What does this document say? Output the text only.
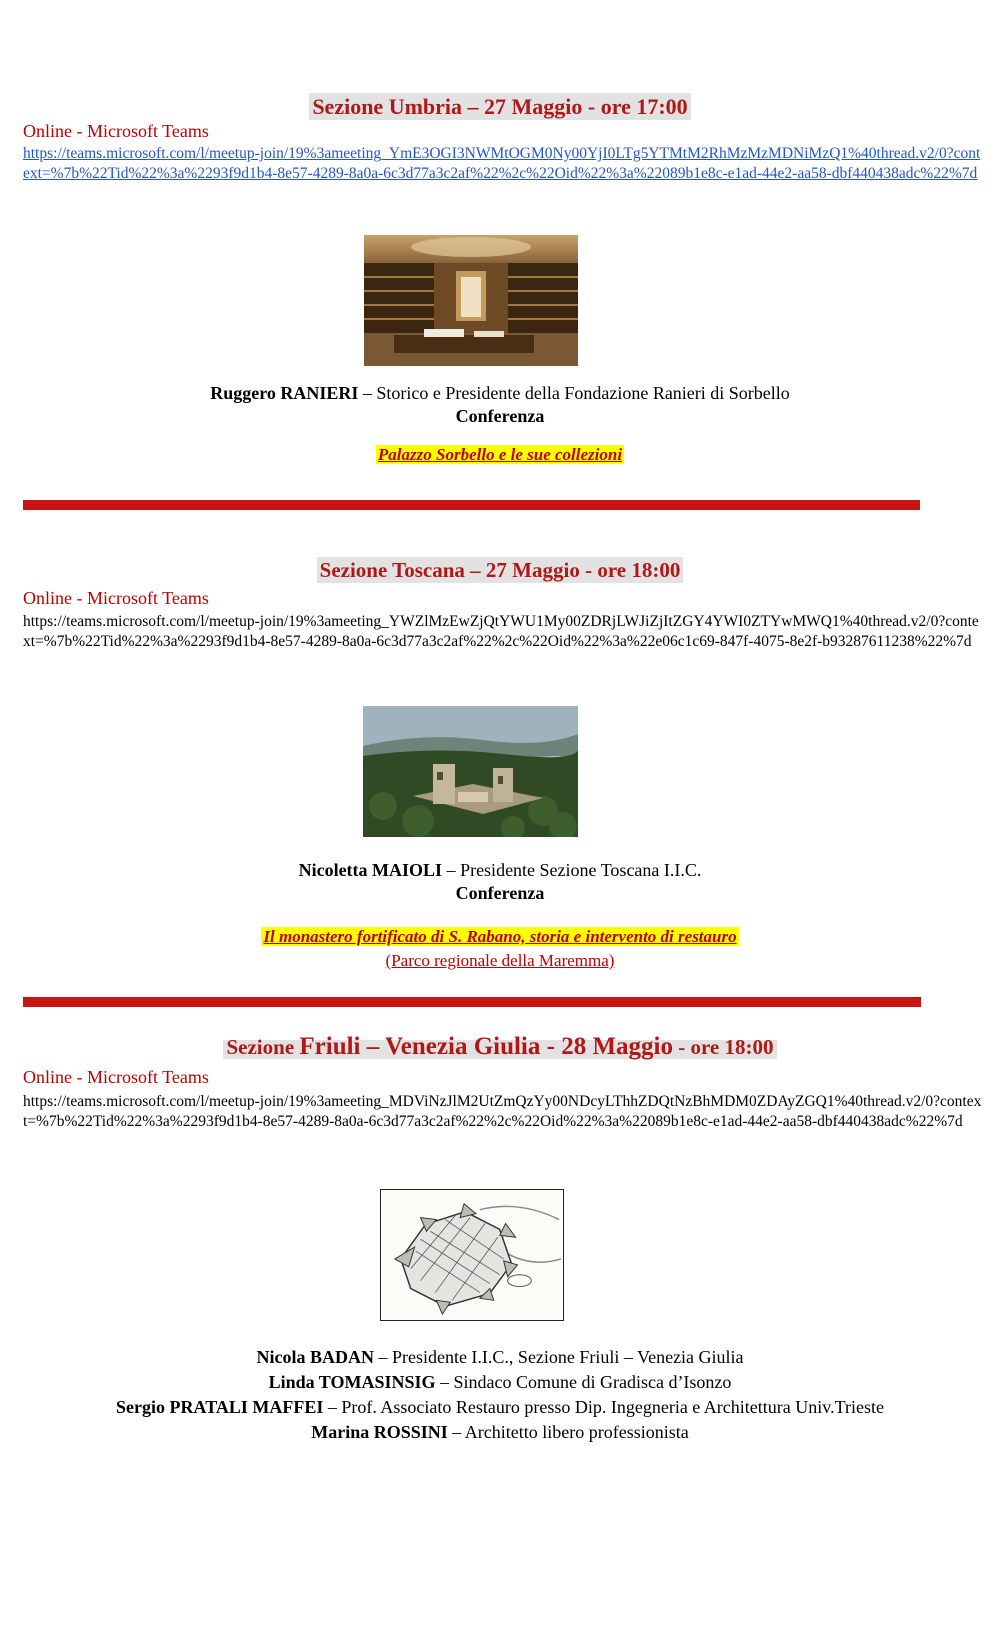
Sezione Umbria – 27 Maggio - ore 17:00
Online - Microsoft Teams
https://teams.microsoft.com/l/meetup-join/19%3ameeting_YmE3OGI3NWMtOGM0Ny00YjI0LTg5YTMtM2RhMzMzMDNiMzQ1%40thread.v2/0?context=%7b%22Tid%22%3a%2293f9d1b4-8e57-4289-8a0a-6c3d77a3c2af%22%2c%22Oid%22%3a%22089b1e8c-e1ad-44e2-aa58-dbf440438adc%22%7d
Ruggero RANIERI – Storico e Presidente della Fondazione Ranieri di Sorbello
Conferenza
Palazzo Sorbello e le sue collezioni
Sezione Toscana – 27 Maggio - ore 18:00
Online - Microsoft Teams
https://teams.microsoft.com/l/meetup-join/19%3ameeting_YWZlMzEwZjQtYWU1My00ZDRjLWJiZjItZGY4YWI0ZTYwMWQ1%40thread.v2/0?context=%7b%22Tid%22%3a%2293f9d1b4-8e57-4289-8a0a-6c3d77a3c2af%22%2c%22Oid%22%3a%22e06c1c69-847f-4075-8e2f-b93287611238%22%7d
Nicoletta MAIOLI – Presidente Sezione Toscana I.I.C.
Conferenza
Il monastero fortificato di S. Rabano, storia e intervento di restauro
(Parco regionale della Maremma)
Sezione Friuli – Venezia Giulia - 28 Maggio - ore 18:00
Online - Microsoft Teams
https://teams.microsoft.com/l/meetup-join/19%3ameeting_MDViNzJlM2UtZmQzYy00NDcyLThhZDQtNzBhMDM0ZDAyZGQ1%40thread.v2/0?context=%7b%22Tid%22%3a%2293f9d1b4-8e57-4289-8a0a-6c3d77a3c2af%22%2c%22Oid%22%3a%22089b1e8c-e1ad-44e2-aa58-dbf440438adc%22%7d
Nicola BADAN – Presidente I.I.C., Sezione Friuli – Venezia Giulia
Linda TOMASINSIG – Sindaco Comune di Gradisca d’Isonzo
Sergio PRATALI MAFFEI – Prof. Associato Restauro presso Dip. Ingegneria e Architettura Univ.Trieste
Marina ROSSINI – Architetto libero professionista
